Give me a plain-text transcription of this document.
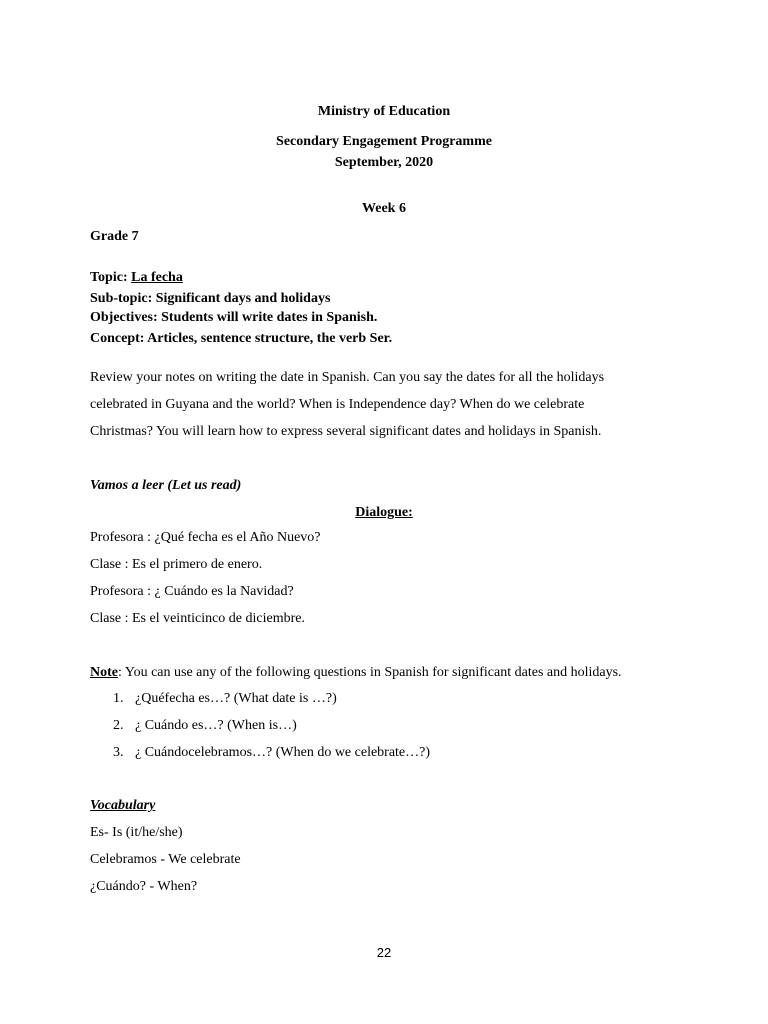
Ministry of Education
Secondary Engagement Programme
September, 2020
Week 6
Grade 7
Topic: La fecha
Sub-topic: Significant days and holidays
Objectives: Students will write dates in Spanish.
Concept: Articles, sentence structure, the verb Ser.
Review your notes on writing the date in Spanish. Can you say the dates for all the holidays
celebrated in Guyana and the world? When is Independence day? When do we celebrate
Christmas? You will learn how to express several significant dates and holidays in Spanish.
Vamos a leer (Let us read)
Dialogue:
Profesora : ¿Qué fecha es el Año Nuevo?
Clase : Es el primero de enero.
Profesora : ¿ Cuándo es la Navidad?
Clase : Es el veinticinco de diciembre.
Note: You can use any of the following questions in Spanish for significant dates and holidays.
1. ¿Quéfecha es…? (What date is …?)
2. ¿ Cuándo es…? (When is…)
3. ¿ Cuándocelebramos…? (When do we celebrate…?)
Vocabulary
Es- Is (it/he/she)
Celebramos - We celebrate
¿Cuándo? - When?
22
